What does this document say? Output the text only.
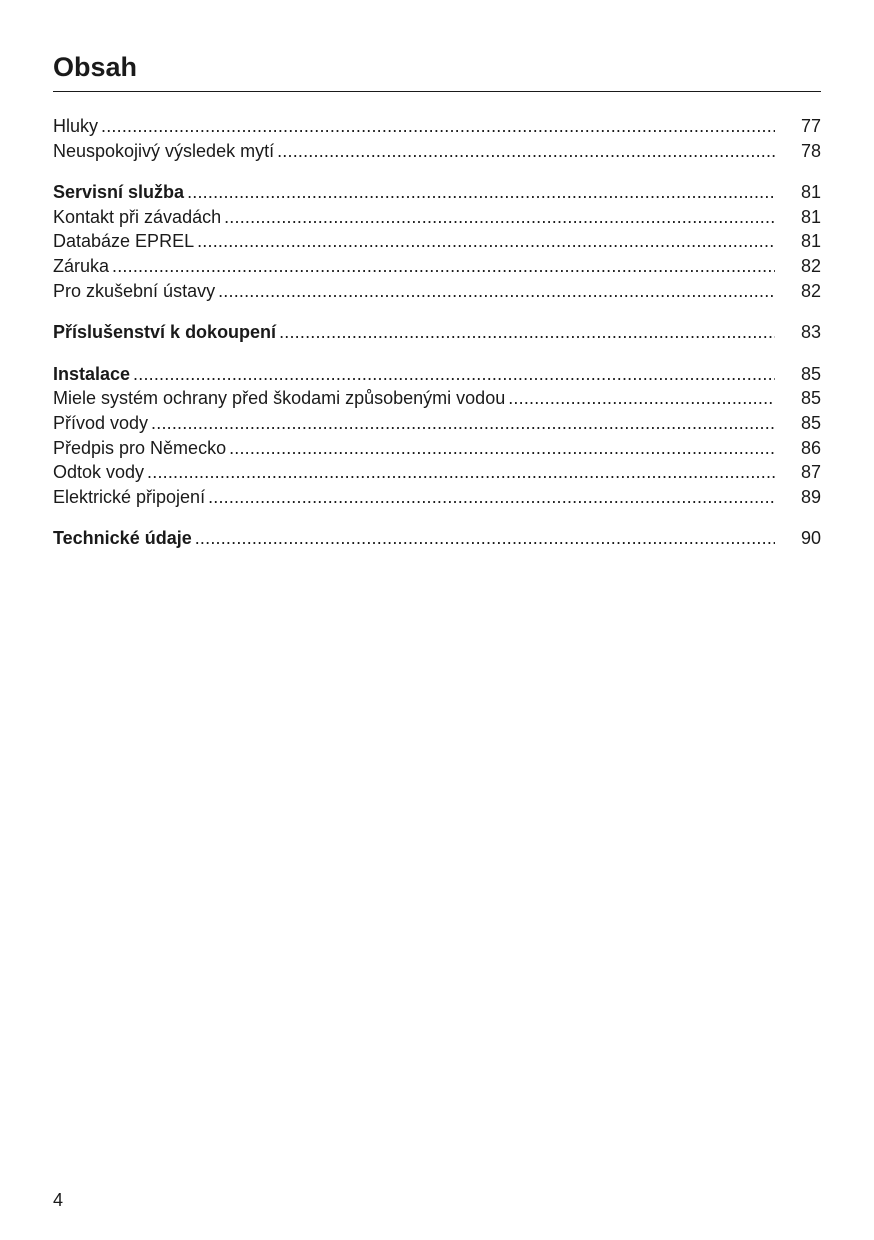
Obsah
Hluky .....	77
Neuspokojivý výsledek mytí .....	78
Servisní služba .....	81
Kontakt při závadách .....	81
Databáze EPREL .....	81
Záruka .....	82
Pro zkušební ústavy .....	82
Příslušenství k dokoupení .....	83
Instalace .....	85
Miele systém ochrany před škodami způsobenými vodou .....	85
Přívod vody .....	85
Předpis pro Německo .....	86
Odtok vody .....	87
Elektrické připojení .....	89
Technické údaje .....	90
4
